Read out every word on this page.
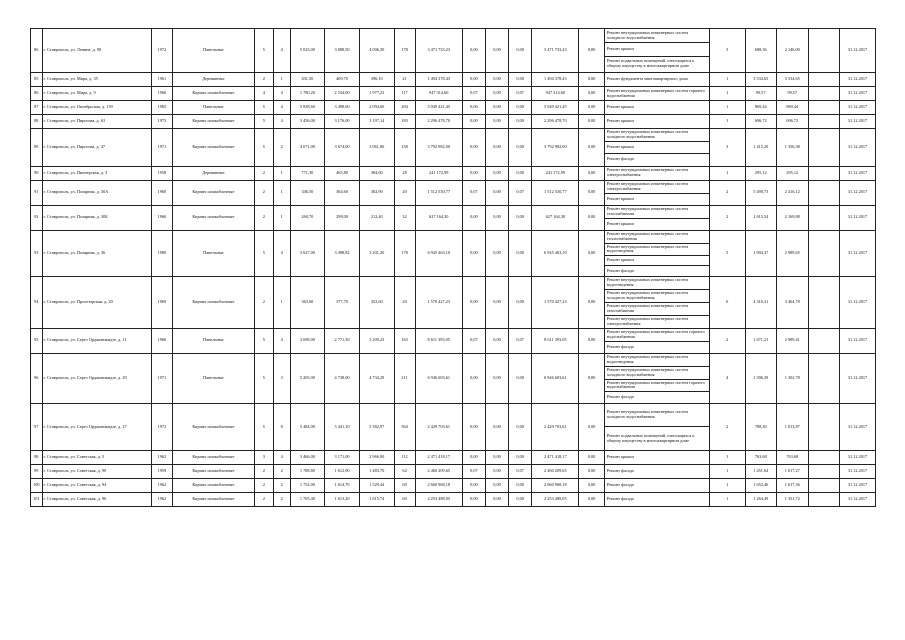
86	г. Ставрополь, ул. Ленина, д. 98	1972	Панельные	5	4	5 023,00	3 688,50	4 006,30	178	3 471 733,23	0,00	0,00	0,00	3 471 733,23	0,00	Ремонт внутридомовых инженерных систем холодного водоснабжения
Ремонт крыши
Ремонт подвальных помещений, относящихся к общему имуществу в многоквартирном доме	5	688,36	2 146,00		31.12.2017
85	г. Ставрополь, ул. Мира, д. 35	1961	Деревянные	2	1	431,50	409,70	396,10	21	1 494 378,43	0,00	0,00	0,00	1 494 378,43	0,00	Ремонт фундамента многоквартирного дома	1	3 534,65	3 534,65		31.12.2017
86	г. Ставрополь, ул. Мира, д. 9	1966	Кирпич шлакоблочные	4	4	1 780,20	2 534,00	1 977,23	117	947 314,60	0,07	0,00	0,07	947 314,60	0,00	Ремонт внутридомовых инженерных систем горячего водоснабжения	1	99,57	99,57		31.12.2017
87	г. Ставрополь, ул. Октябрьская, д. 159	1965	Панельные	5	4	5 838,60	3 498,60	2 094,60	204	5 049 421,45	0,06	0,00	0,00	5 049 421,45	0,00	Ремонт крыши	1	869,44	869,44		31.12.2017
88	г. Ставрополь, ул. Пирогова, д. 63	1973	Кирпич шлакоблочные	5	4	3 456,00	3 176,00	3 197,14	183	2 296 478,70	0,00	0,00	0,00	2 296 478,70	0,00	Ремонт крыши	1	696,72	696,72		31.12.2017
89	г. Ставрополь, ул. Пирогова, д. 47	1971	Кирпич шлакоблочные	5	2	4 071,00	3 674,00	3 061,86	158	3 792 982,00	0,00	0,00	0,00	3 792 982,00	0,00	Ремонт внутридомовых инженерных систем холодного водоснабжения
Ремонт крыши
Ремонт фасада	3	1 415,20	1 356,38		31.12.2017
90	г. Ставрополь, ул. Пионерская, д. 3	1958	Деревянные	2	1	771,30	465,80	384,60	28	241 172,99	0,00	0,00	0,00	241 172,99	0,00	Ремонт внутридомовых инженерных систем электроснабжения	1	295,12	295,12		31.12.2017
91	г. Ставрополь, ул. Полярная, д. 30А	1960	Кирпич шлакоблочные	2	1	346,50	364,60	302,90	20	1 512 530,77	0,07	0,00	0,07	1 512 530,77	0,00	Ремонт внутридомовых инженерных систем электроснабжения
Ремонт крыши	2	5 490,73	2 416,12		31.12.2017
92	г. Ставрополь, ул. Полярная, д. 30Б	1960	Кирпич шлакоблочные	2	1	260,70	298,00	212,40	32	627 164,30	0,00	0,00	0,00	627 164,30	0,00	Ремонт внутридомовых инженерных систем газоснабжения
Ремонт крыши	2	2 615,54	2 169,88		31.12.2017
93	г. Ставрополь, ул. Полярная, д. 36	1980	Панельные	5	4	3 627,00	3 498,82	3 201,20	178	6 945 463,10	0,00	0,00	0,00	6 945 463,10	0,00	Ремонт внутридомовых инженерных систем теплоснабжения
Ремонт внутридомовых инженерных систем водоотведения
Ремонт крыши
Ремонт фасада	5	1 904,37	2 989,65		31.12.2017
94	г. Ставрополь, ул. Пролетарская, д. 20	1969	Кирпич шлакоблочные	2	1	363,60	377,70	352,60	20	1 570 427,23	0,00	0,00	0,00	1 570 427,23	0,00	Ремонт внутридомовых инженерных систем водоотведения
Ремонт внутридомовых инженерных систем холодного водоснабжения
Ремонт внутридомовых инженерных систем газоснабжения
Ремонт внутридомовых инженерных систем электроснабжения	6	4 316,31	3 464,78		31.12.2017
95	г. Ставрополь, ул. Серго Орджоникидзе, д. 11	1966	Панельные	5	4	3 698,00	2 771,30	3 209,23	163	8 611 393,05	0,07	0,00	0,07	8 611 393,05	0,00	Ремонт внутридомовых инженерных систем горячего водоснабжения
Ремонт фасада	2	1 671,21	2 989,41		31.12.2017
96	г. Ставрополь, ул. Серго Орджоникидзе, д. 29	1971	Панельные	5	3	5 205,00	4 738,00	4 734,29	211	6 946 603,61	0,00	0,00	0,00	6 946 603,61	0,00	Ремонт внутридомовых инженерных систем водоотведения
Ремонт внутридомовых инженерных систем холодного водоснабжения
Ремонт внутридомовых инженерных систем горячего водоснабжения
Ремонт фасада	4	1 396,39	1 302,78		31.12.2017
97	г. Ставрополь, ул. Серго Орджоникидзе, д. 27	1973	Кирпич шлакоблочные	5	8	5 484,00	5 441,10	5 382,97	564	2 429 703,61	0,00	0,00	0,00	2 429 703,61	0,00	Ремонт внутридомовых инженерных систем холодного водоснабжения
Ремонт подвальных помещений, относящихся к общему имуществу в многоквартирном доме	2	788,30	1 013,87		31.12.2017
98	г. Ставрополь, ул. Советская, д. 5	1962	Кирпич шлакоблочные	3	4	3 466,00	3 171,00	2 966,00	112	2 471 418,17	0,00	0,00	0,00	2 471 418,17	0,00	Ремонт крыши	1	763,68	763,68		31.12.2017
99	г. Ставрополь, ул. Советская, д. 90	1959	Кирпич шлакоблочные	2	2	1 788,80	1 612,90	1 483,70	62	2 460 209,65	0,07	0,00	0,07	2 460 209,65	0,00	Ремонт фасада	1	1 451,64	1 617,27		31.12.2017
100	г. Ставрополь, ул. Советская, д. 94	1962	Кирпич шлакоблочные	2	2	1 752,00	1 614,70	1 529,44	60	2 660 968,18	0,00	0,00	0,00	2 660 968,18	0,00	Ремонт фасада	1	1 652,46	1 617,36		31.12.2017
101	г. Ставрополь, ул. Советская, д. 96	1962	Кирпич шлакоблочные	2	2	1 765,40	1 613,20	1 615,74	60	2 253 488,05	0,00	0,00	0,00	2 253 488,05	0,00	Ремонт фасада	1	1 264,49	1 351,72		31.12.2017
